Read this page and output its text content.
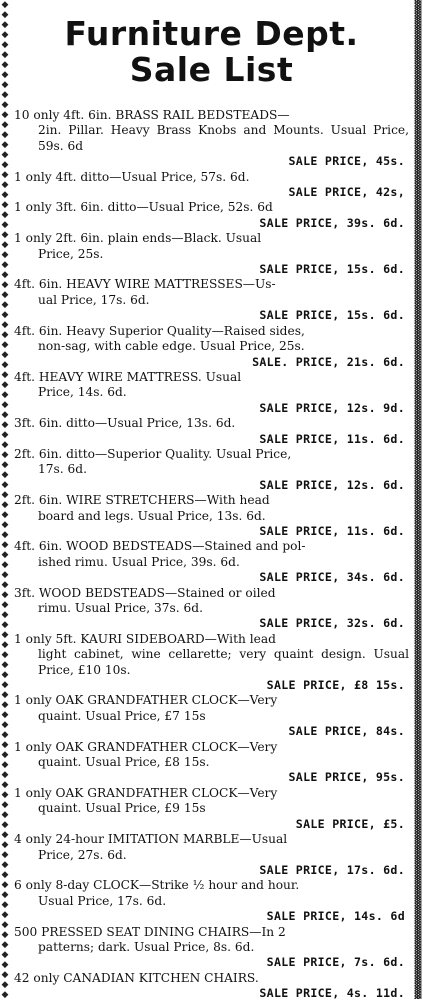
◆◆◆◆◆◆◆◆◆◆◆◆◆◆◆◆◆◆◆◆◆◆◆◆◆◆◆◆◆◆◆◆◆◆◆◆◆◆◆◆◆◆◆◆◆◆◆◆◆◆◆◆◆◆◆◆◆◆◆◆◆◆◆◆◆◆◆◆◆◆◆◆◆◆◆◆◆◆◆◆◆◆◆◆◆◆◆◆◆◆◆◆◆◆◆◆◆◆◆◆
▓▓▓▓▓▓▓▓▓▓▓▓▓▓▓▓▓▓▓▓▓▓▓▓▓▓▓▓▓▓▓▓▓▓▓▓▓▓▓▓▓▓▓▓▓▓▓▓▓▓▓▓▓▓▓▓▓▓▓▓▓▓▓▓▓▓▓▓▓▓▓▓▓▓▓▓▓▓▓▓▓▓▓▓▓▓▓▓▓▓▓▓▓▓▓▓▓▓▓▓
Furniture Dept.
Sale List
10 only 4ft. 6in. BRASS RAIL BEDSTEADS—
2in. Pillar. Heavy Brass Knobs and Mounts. Usual Price, 59s. 6d
SALE PRICE, 45s.
1 only 4ft. ditto—Usual Price, 57s. 6d.
SALE PRICE, 42s,
1 only 3ft. 6in. ditto—Usual Price, 52s. 6d
SALE PRICE, 39s. 6d.
1 only 2ft. 6in. plain ends—Black. Usual
Price, 25s.
SALE PRICE, 15s. 6d.
4ft. 6in. HEAVY WIRE MATTRESSES—Us-
ual Price, 17s. 6d.
SALE PRICE, 15s. 6d.
4ft. 6in. Heavy Superior Quality—Raised sides,
non-sag, with cable edge. Usual Price, 25s.
SALE. PRICE, 21s. 6d.
4ft. HEAVY WIRE MATTRESS. Usual
Price, 14s. 6d.
SALE PRICE, 12s. 9d.
3ft. 6in. ditto—Usual Price, 13s. 6d.
SALE PRICE, 11s. 6d.
2ft. 6in. ditto—Superior Quality. Usual Price,
17s. 6d.
SALE PRICE, 12s. 6d.
2ft. 6in. WIRE STRETCHERS—With head
board and legs. Usual Price, 13s. 6d.
SALE PRICE, 11s. 6d.
4ft. 6in. WOOD BEDSTEADS—Stained and pol-
ished rimu. Usual Price, 39s. 6d.
SALE PRICE, 34s. 6d.
3ft. WOOD BEDSTEADS—Stained or oiled
rimu. Usual Price, 37s. 6d.
SALE PRICE, 32s. 6d.
1 only 5ft. KAURI SIDEBOARD—With lead
light cabinet, wine cellarette; very quaint design. Usual Price, £10 10s.
SALE PRICE, £8 15s.
1 only OAK GRANDFATHER CLOCK—Very
quaint. Usual Price, £7 15s
SALE PRICE, 84s.
1 only OAK GRANDFATHER CLOCK—Very
quaint. Usual Price, £8 15s.
SALE PRICE, 95s.
1 only OAK GRANDFATHER CLOCK—Very
quaint. Usual Price, £9 15s
SALE PRICE, £5.
4 only 24-hour IMITATION MARBLE—Usual
Price, 27s. 6d.
SALE PRICE, 17s. 6d.
6 only 8-day CLOCK—Strike ½ hour and hour.
Usual Price, 17s. 6d.
SALE PRICE, 14s. 6d
500 PRESSED SEAT DINING CHAIRS—In 2
patterns; dark. Usual Price, 8s. 6d.
SALE PRICE, 7s. 6d.
42 only CANADIAN KITCHEN CHAIRS.
SALE PRICE, 4s. 11d.
